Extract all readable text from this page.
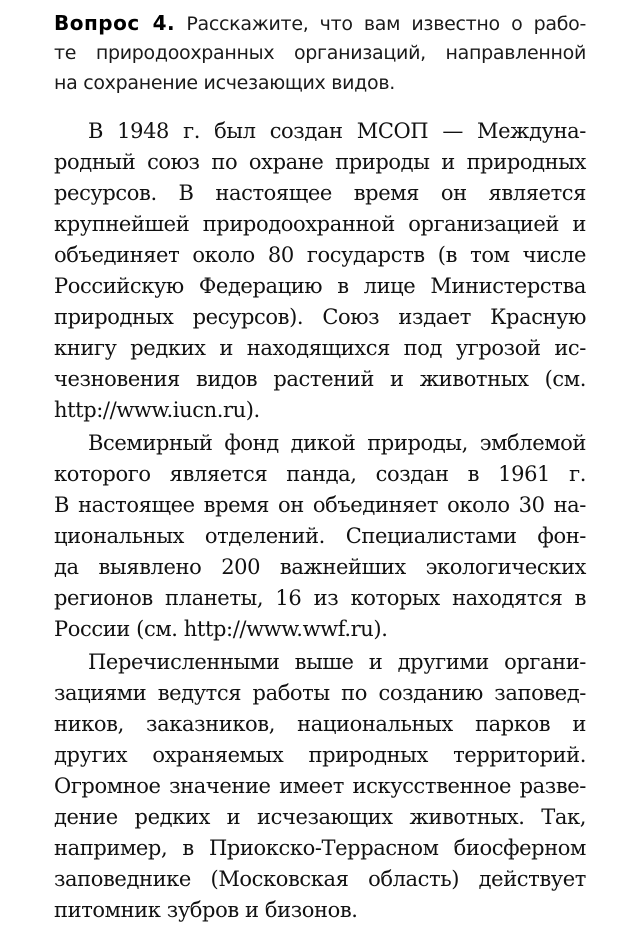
Вопрос 4. Расскажите, что вам известно о рабо-
те природоохранных организаций, направленной
на сохранение исчезающих видов.
В 1948 г. был создан МСОП — Междуна-
родный союз по охране природы и природных
ресурсов. В настоящее время он является
крупнейшей природоохранной организацией и
объединяет около 80 государств (в том числе
Российскую Федерацию в лице Министерства
природных ресурсов). Союз издает Красную
книгу редких и находящихся под угрозой ис-
чезновения видов растений и животных (см.
http://www.iucn.ru).
Всемирный фонд дикой природы, эмблемой
которого является панда, создан в 1961 г.
В настоящее время он объединяет около 30 на-
циональных отделений. Специалистами фон-
да выявлено 200 важнейших экологических
регионов планеты, 16 из которых находятся в
России (см. http://www.wwf.ru).
Перечисленными выше и другими органи-
зациями ведутся работы по созданию заповед-
ников, заказников, национальных парков и
других охраняемых природных территорий.
Огромное значение имеет искусственное разве-
дение редких и исчезающих животных. Так,
например, в Приокско-Террасном биосферном
заповеднике (Московская область) действует
питомник зубров и бизонов.
